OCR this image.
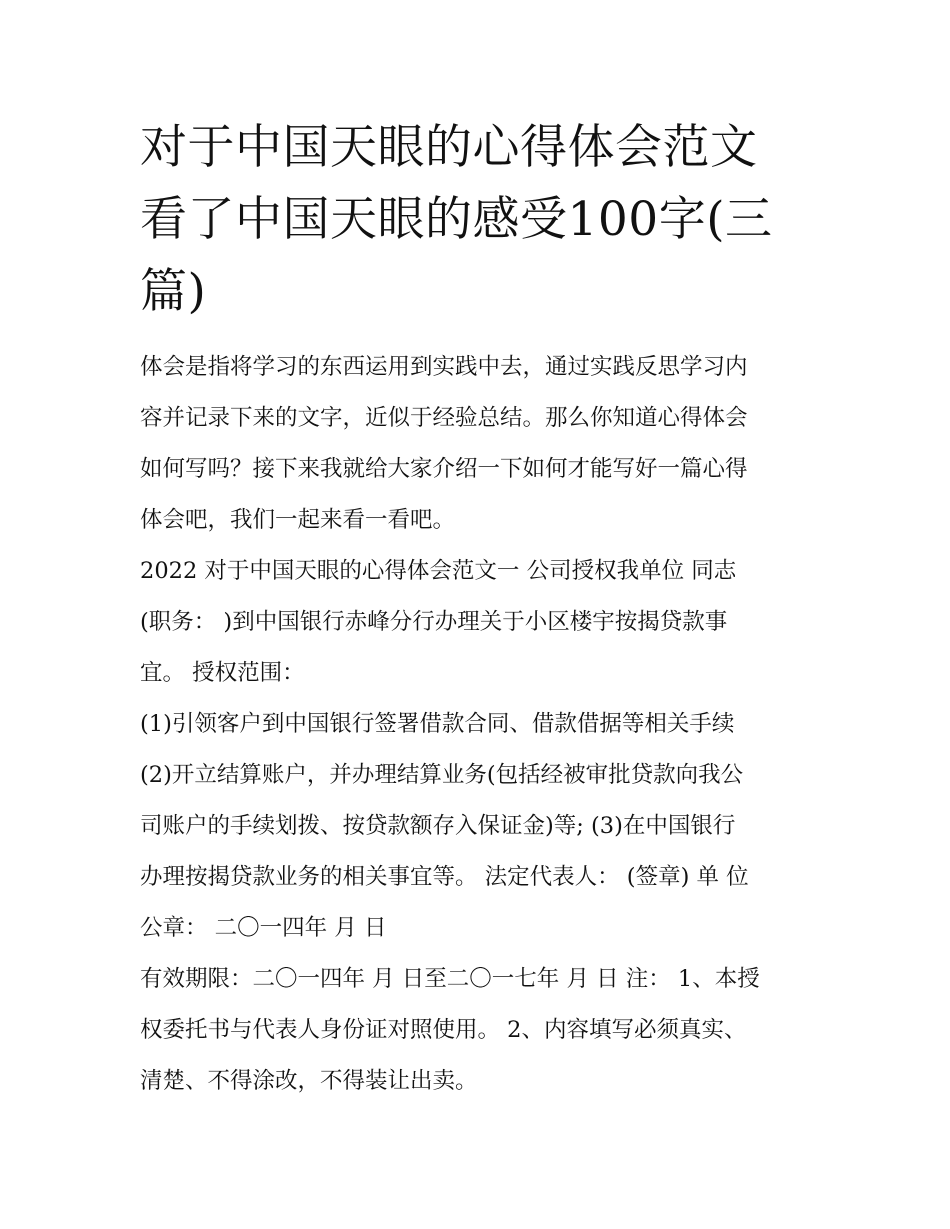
对于中国天眼的心得体会范文
看了中国天眼的感受100字(三
篇)

体会是指将学习的东西运用到实践中去，通过实践反思学习内
容并记录下来的文字，近似于经验总结。那么你知道心得体会
如何写吗？接下来我就给大家介绍一下如何才能写好一篇心得
体会吧，我们一起来看一看吧。

2022 对于中国天眼的心得体会范文一 公司授权我单位 同志
(职务： )到中国银行赤峰分行办理关于小区楼宇按揭贷款事
宜。 授权范围：

(1)引领客户到中国银行签署借款合同、借款借据等相关手续

(2)开立结算账户，并办理结算业务(包括经被审批贷款向我公
司账户的手续划拨、按贷款额存入保证金)等; (3)在中国银行
办理按揭贷款业务的相关事宜等。 法定代表人： (签章) 单 位
公章： 二〇一四年 月 日

有效期限：二〇一四年 月 日至二〇一七年 月 日 注： 1、本授
权委托书与代表人身份证对照使用。 2、内容填写必须真实、
清楚、不得涂改，不得装让出卖。
